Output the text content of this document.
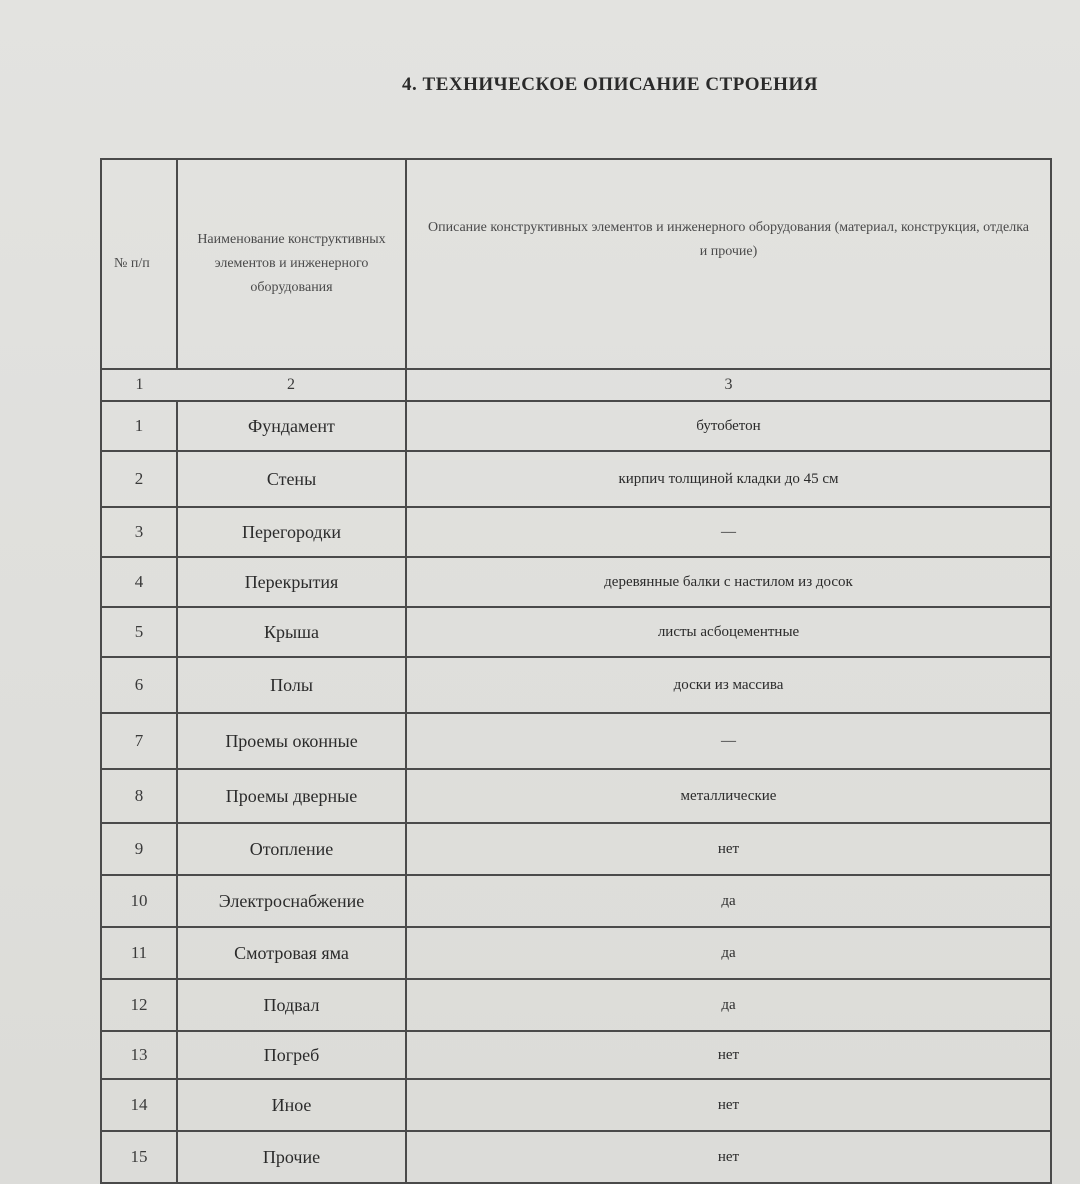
4. ТЕХНИЧЕСКОЕ ОПИСАНИЕ СТРОЕНИЯ
№ п/п	Наименование конструктивных элементов и инженерного оборудования	Описание конструктивных элементов и инженерного оборудования (материал, конструкция, отделка и прочие)
1	2	3
1	Фундамент	бутобетон
2	Стены	кирпич толщиной кладки до 45 см
3	Перегородки	—
4	Перекрытия	деревянные балки с настилом из досок
5	Крыша	листы асбоцементные
6	Полы	доски из массива
7	Проемы оконные	—
8	Проемы дверные	металлические
9	Отопление	нет
10	Электроснабжение	да
11	Смотровая яма	да
12	Подвал	да
13	Погреб	нет
14	Иное	нет
15	Прочие	нет
